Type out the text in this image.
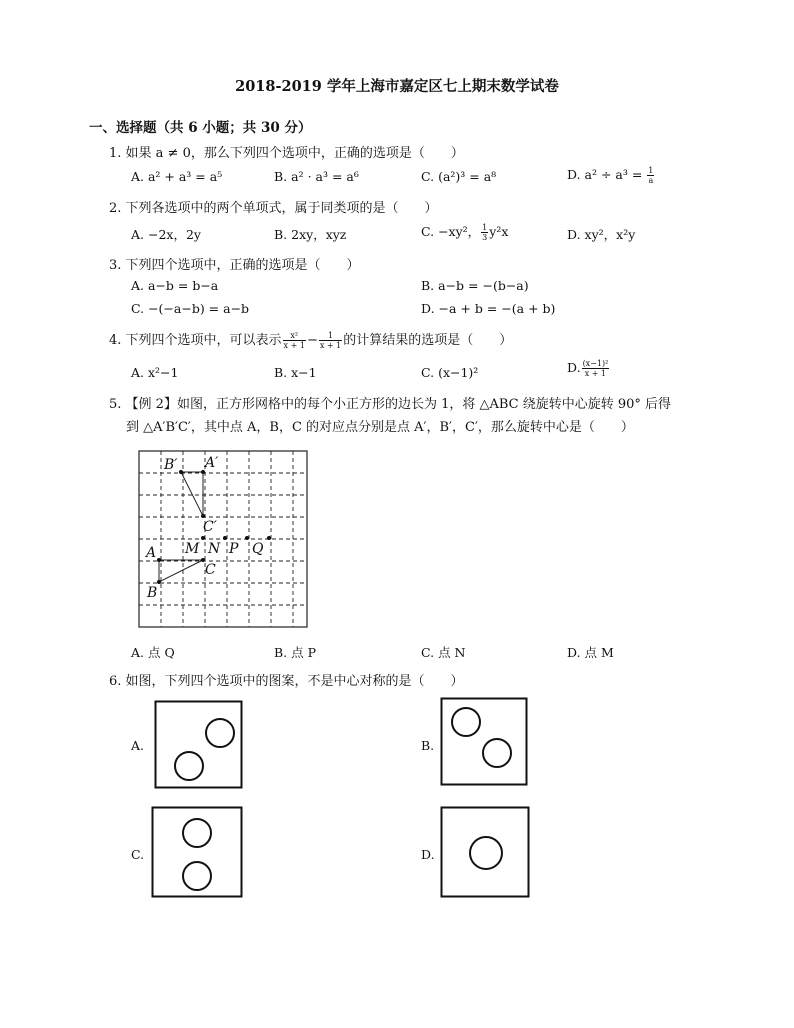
2018-2019 学年上海市嘉定区七上期末数学试卷
一、选择题（共 6 小题；共 30 分）
1. 如果 a ≠ 0，那么下列四个选项中，正确的选项是（　　）
A. a² + a³ = a⁵	B. a² · a³ = a⁶	C. (a²)³ = a⁸	D. $a^2 \div a^3 = \frac{1}{a}$
2. 下列各选项中的两个单项式，属于同类项的是（　　）
A. −2x，2y	B. 2xy，xyz	C. −xy²， $\frac{1}{3} y^2x$	D. xy²，x²y
3. 下列四个选项中，正确的选项是（　　）
A. a−b = b−a	B. a−b = −(b−a)
C. −(−a−b) = a−b	D. −a + b = −(a + b)
4. 下列四个选项中，可以表示 $\frac{\text{x²}}{x + 1} - \frac{1}{x + 1}$ 的计算结果的选项是（　　）
A. x²−1	B. x−1	C. (x−1)²	D. $\frac{\text{(x−1)²}}{x + 1}$
5. 【例 2】如图，正方形网格中的每个小正方形的边长为 1，将 △ABC 绕旋转中心旋转 90° 后得
到 △A′B′C′，其中点 A，B，C 的对应点分别是点 A′，B′，C′，那么旋转中心是（　　）
B′ A′
C′
A M N P Q
C
B
A. 点 Q	B. 点 P	C. 点 N	D. 点 M
6. 如图，下列四个选项中的图案，不是中心对称的是（　　）
A.	B.
C.	D.
